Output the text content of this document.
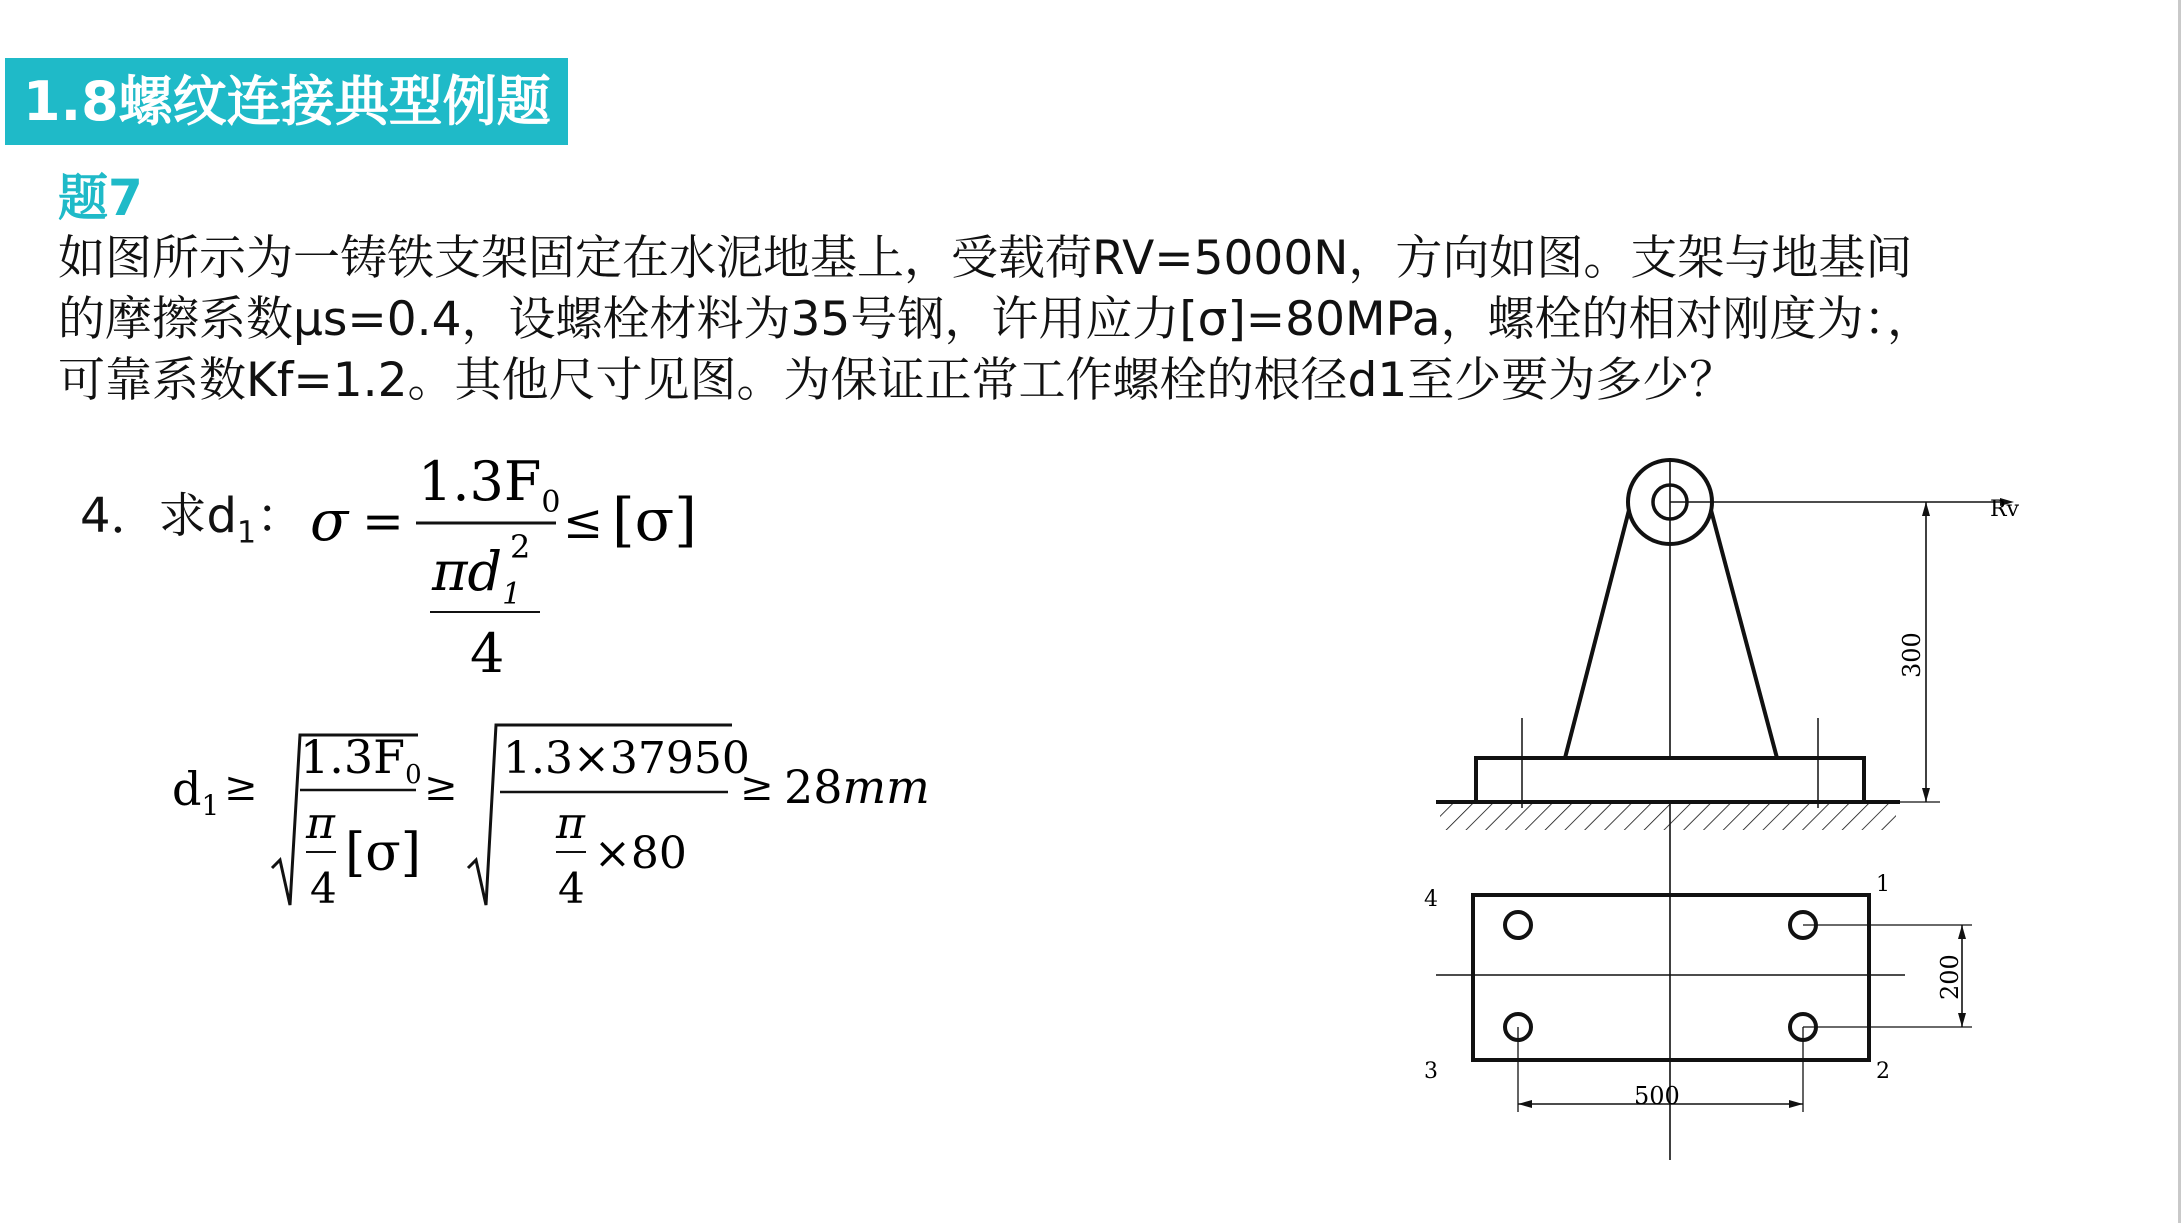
1.8螺纹连接典型例题
题7
如图所示为一铸铁支架固定在水泥地基上，受载荷RV=5000N，方向如图。支架与地基间
的摩擦系数μs=0.4，设螺栓材料为35号钢，许用应力[σ]=80MPa，螺栓的相对刚度为：，
可靠系数Kf=1.2。其他尺寸见图。为保证正常工作螺栓的根径d1至少要为多少？
4．求$d_1$： σ =
$1.3F_0$
$\pi d_1$
2
4
≤ [σ]
$d_1$ ≥
$1.3F_0$
π
4
[σ]
≥
1.3×37950
π
4
×80
≥ 28mm
Rv
300
1
2
3
4
200
500
